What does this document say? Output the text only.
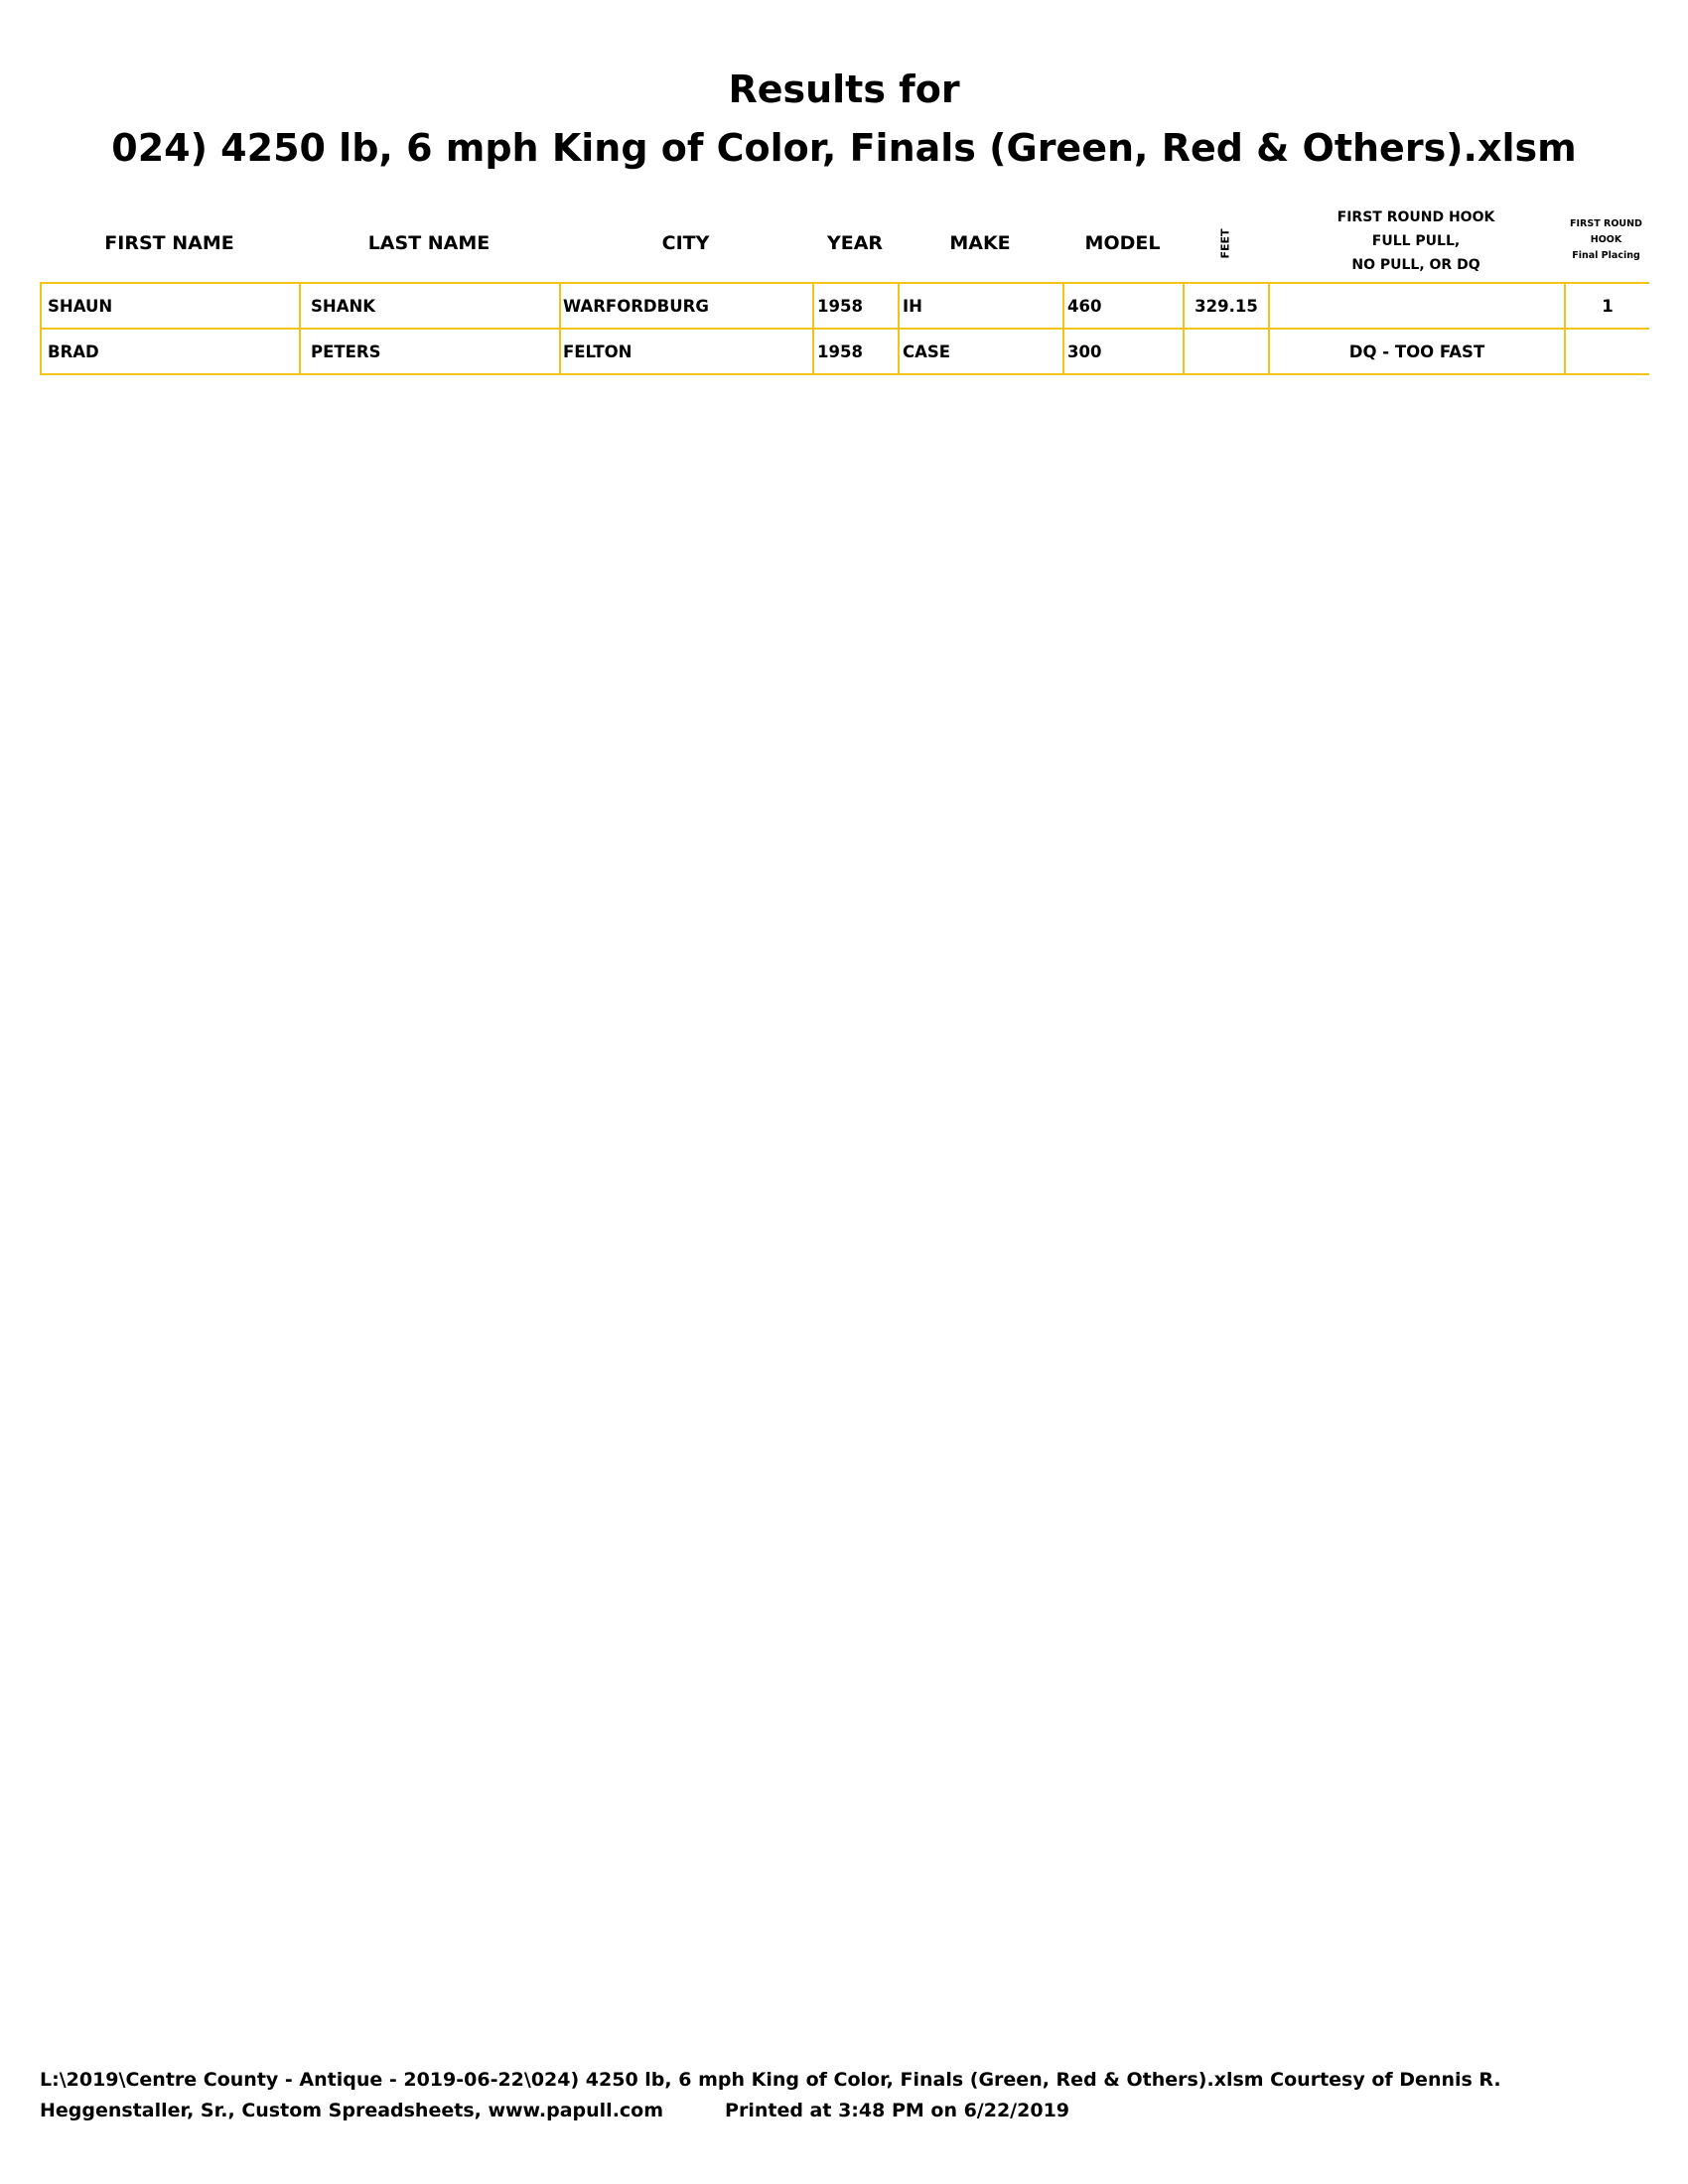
Results for
024) 4250 lb, 6 mph King of Color, Finals (Green, Red & Others).xlsm
FIRST NAME	LAST NAME	CITY	YEAR	MAKE	MODEL	FEET
FIRST ROUND HOOK
FULL PULL,
NO PULL, OR DQ
FIRST ROUND
HOOK
Final Placing
SHAUN	SHANK	WARFORDBURG	1958	IH	460	329.15		1
BRAD	PETERS	FELTON	1958	CASE	300		DQ - TOO FAST	
L:\2019\Centre County - Antique - 2019-06-22\024) 4250 lb, 6 mph King of Color, Finals (Green, Red & Others).xlsm Courtesy of Dennis R.
Heggenstaller, Sr., Custom Spreadsheets, www.papull.com	Printed at 3:48 PM on 6/22/2019
